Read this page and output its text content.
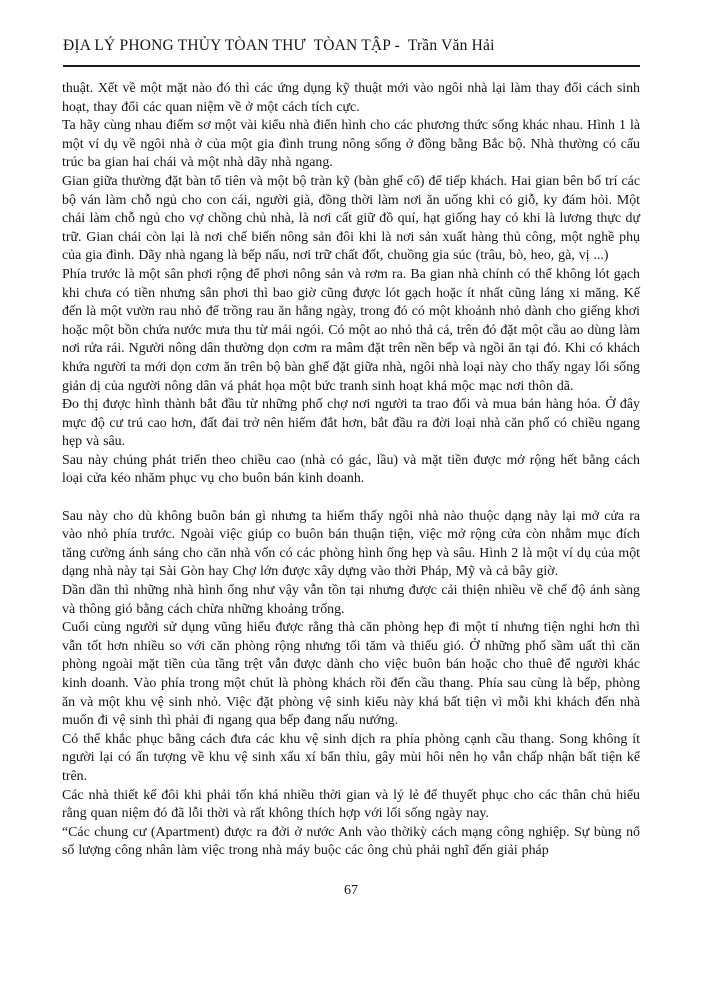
ĐỊA LÝ PHONG THỦY TÒAN THƯ  TÒAN TẬP -  Trần Văn Hải

thuật. Xết về một mặt nào đó thì các ứng dụng kỹ thuật mới vào ngôi nhà lại làm thay đổi cách sinh hoạt, thay đổi các quan niệm về ở một cách tích cực.

Ta hãy cùng nhau điểm sơ một vài kiểu nhà điển hình cho các phương thức sống khác nhau. Hình 1 là một ví dụ về ngôi nhà ở của một gia đình trung nông sống ở đồng bằng Bắc bộ. Nhà thường có cấu trúc ba gian hai chái và một nhà dãy nhà ngang.

Gian giữa thường đặt bàn tổ tiên và một bộ tràn kỹ (bàn ghế cổ) để tiếp khách. Hai gian bên bố trí các bộ ván làm chỗ ngủ cho con cái, người già, đồng thời làm nơi ăn uống khi có giỗ, ky đám hỏi. Một chái làm chỗ ngủ cho vợ chồng chủ nhà, là nơi cất giữ đồ quí, hạt giống hay có khi là lương thực dự trữ. Gian chái còn lại là nơi chế biến nông sản đôi khi là nơi sản xuất hàng thủ công, một nghề phụ của gia đình. Dãy nhà ngang là bếp nấu, nơi trữ chất đốt, chuồng gia súc (trâu, bò, heo, gà, vị ...)

Phía trước là một sân phơi rộng để phơi nông sản và rơm ra. Ba gian nhà chính có thể không lót gạch khi chưa có tiền nhưng sân phơi thì bao giờ cũng được lót gạch hoặc ít nhất cũng láng xi măng. Kế đến là một vườn rau nhỏ để trồng rau ăn hằng ngày, trong đó có một khoảnh nhỏ dành cho giếng khơi hoặc một bồn chứa nước mưa thu từ mái ngói. Có một ao nhỏ thả cá, trên đó đặt một cầu ao dùng làm nơi rửa rái. Người nông dân thường dọn cơm ra mâm đặt trên nền bếp và ngồi ăn tại đó. Khi có khách khứa người ta mới dọn cơm ăn trên bộ bàn ghế đặt giữa nhà, ngôi nhà loại này cho thấy ngay lối sống giản dị của người nông dân vá phát họa một bức tranh sinh hoạt khá mộc mạc nơi thôn dã.

Đo thị được hình thành bắt đầu từ những phố chợ nơi người ta trao đổi và mua bán hàng hóa. Ở đây mực độ cư trú cao hơn, đất đai trở nên hiếm đắt hơn, bắt đầu ra đời loại nhà căn phố có chiều ngang hẹp và sâu.

Sau này chúng phát triển theo chiều cao (nhà có gác, lầu) và mặt tiền được mở rộng hết bằng cách loại cửa kéo nhăm phục vụ cho buôn bán kinh doanh.

Sau này cho dù không buôn bán gì nhưng ta hiếm thấy ngôi nhà nào thuộc dạng này lại mở cửa ra vào nhỏ phía trước. Ngoài việc giúp co buôn bán thuận tiện, việc mở rộng cửa còn nhằm mục đích tăng cường ánh sáng cho căn nhà vốn có các phòng hình ống hẹp và sâu. Hình 2 là một ví dụ của một dạng nhà này tại Sài Gòn hay Chợ lớn được xây dựng vào thời Pháp, Mỹ và cả bây giờ.

Dần dần thì những nhà hình ống như vậy vẫn tồn tại nhưng được cải thiện nhiều về chế độ ánh sàng và thông gió bằng cách chừa những khoảng trống.

Cuối cùng người sử dụng vũng hiểu được rằng thà căn phòng hẹp đi một tí nhưng tiện nghi hơn thì vẫn tốt hơn nhiều so với căn phòng rộng nhưng tối tăm và thiếu gió. Ở những phố sầm uất thì căn phòng ngoài mặt tiền của tầng trệt vẫn được dành cho việc buôn bán hoặc cho thuê để người khác kinh doanh. Vào phía trong một chút là phòng khách rồi đến cầu thang. Phía sau cùng là bếp, phòng ăn và một khu vệ sinh nhỏ. Việc đặt phòng vệ sinh kiểu này khá bất tiện vì mỗi khi khách đến nhà muốn đi vệ sinh thì phải đi ngang qua bếp đang nấu nướng.

Có thể khắc phục bằng cách đưa các khu vệ sinh dịch ra phía phòng cạnh cầu thang. Song không ít người lại có ấn tượng về khu vệ sinh xấu xí bẩn thỉu, gây mùi hôi nên họ vẫn chấp nhận bất tiện kể trên.

Các nhà thiết kế đôi khi phải tốn khá nhiều thời gian và lý lẻ để thuyết phục cho các thân chủ hiểu rằng quan niệm đó đã lỗi thời và rất không thích hợp với lối sống ngày nay.

“Các chung cư (Apartment) được ra đởi ở nước Anh vào thờikỳ cách mạng công nghiệp. Sự bùng nổ số lượng công nhân làm việc trong nhà máy buộc các ông chủ phải nghĩ đến giải pháp

67
